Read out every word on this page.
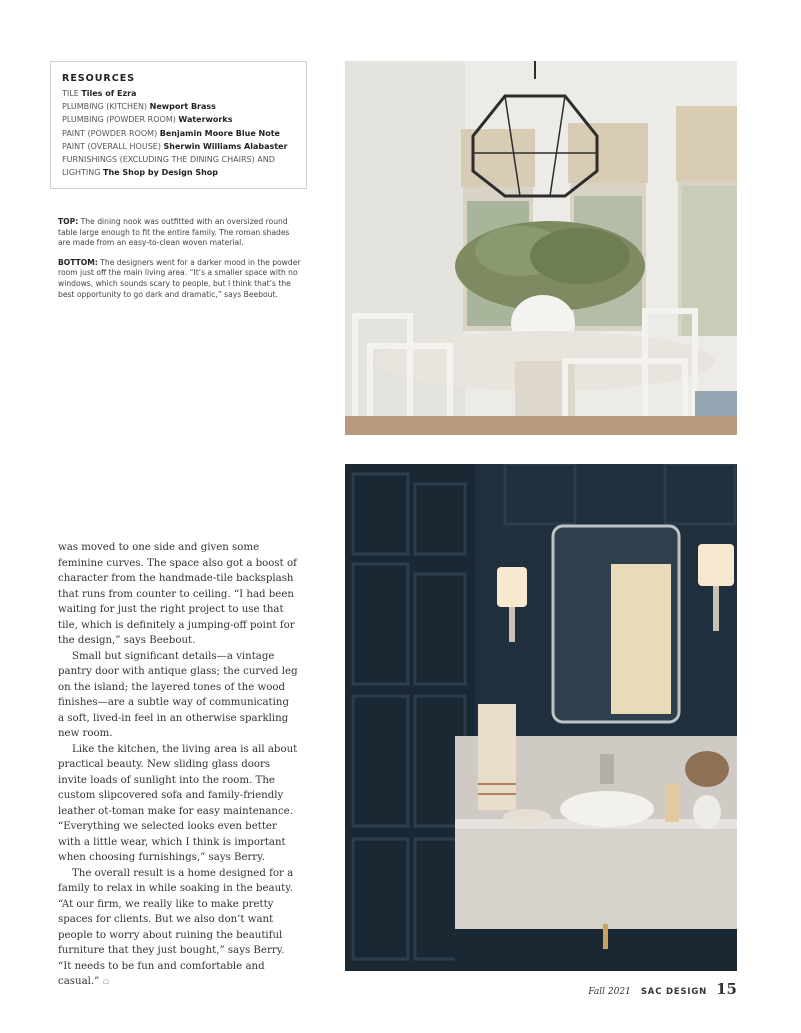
RESOURCES
TILE Tiles of Ezra
PLUMBING (KITCHEN) Newport Brass
PLUMBING (POWDER ROOM) Waterworks
PAINT (POWDER ROOM) Benjamin Moore Blue Note
PAINT (OVERALL HOUSE) Sherwin Williams Alabaster
FURNISHINGS (EXCLUDING THE DINING CHAIRS) AND LIGHTING The Shop by Design Shop

TOP: The dining nook was outfitted with an oversized round table large enough to fit the entire family. The roman shades are made from an easy-to-clean woven material.

BOTTOM: The designers went for a darker mood in the powder room just off the main living area. “It’s a smaller space with no windows, which sounds scary to people, but I think that’s the best opportunity to go dark and dramatic,” says Beebout.

was moved to one side and given some feminine curves. The space also got a boost of character from the handmade-tile backsplash that runs from counter to ceiling. “I had been waiting for just the right project to use that tile, which is definitely a jumping-off point for the design,” says Beebout.

Small but significant details—a vintage pantry door with antique glass; the curved leg on the island; the layered tones of the wood finishes—are a subtle way of communicating a soft, lived-in feel in an otherwise sparkling new room.

Like the kitchen, the living area is all about practical beauty. New sliding glass doors invite loads of sunlight into the room. The custom slipcovered sofa and family-friendly leather ot-toman make for easy maintenance. “Everything we selected looks even better with a little wear, which I think is important when choosing furnishings,” says Berry.

The overall result is a home designed for a family to relax in while soaking in the beauty. “At our firm, we really like to make pretty spaces for clients. But we also don’t want people to worry about ruining the beautiful furniture that they just bought,” says Berry. “It needs to be fun and comfortable and casual.” ⌂

Fall 2021 SAC DESIGN 15
